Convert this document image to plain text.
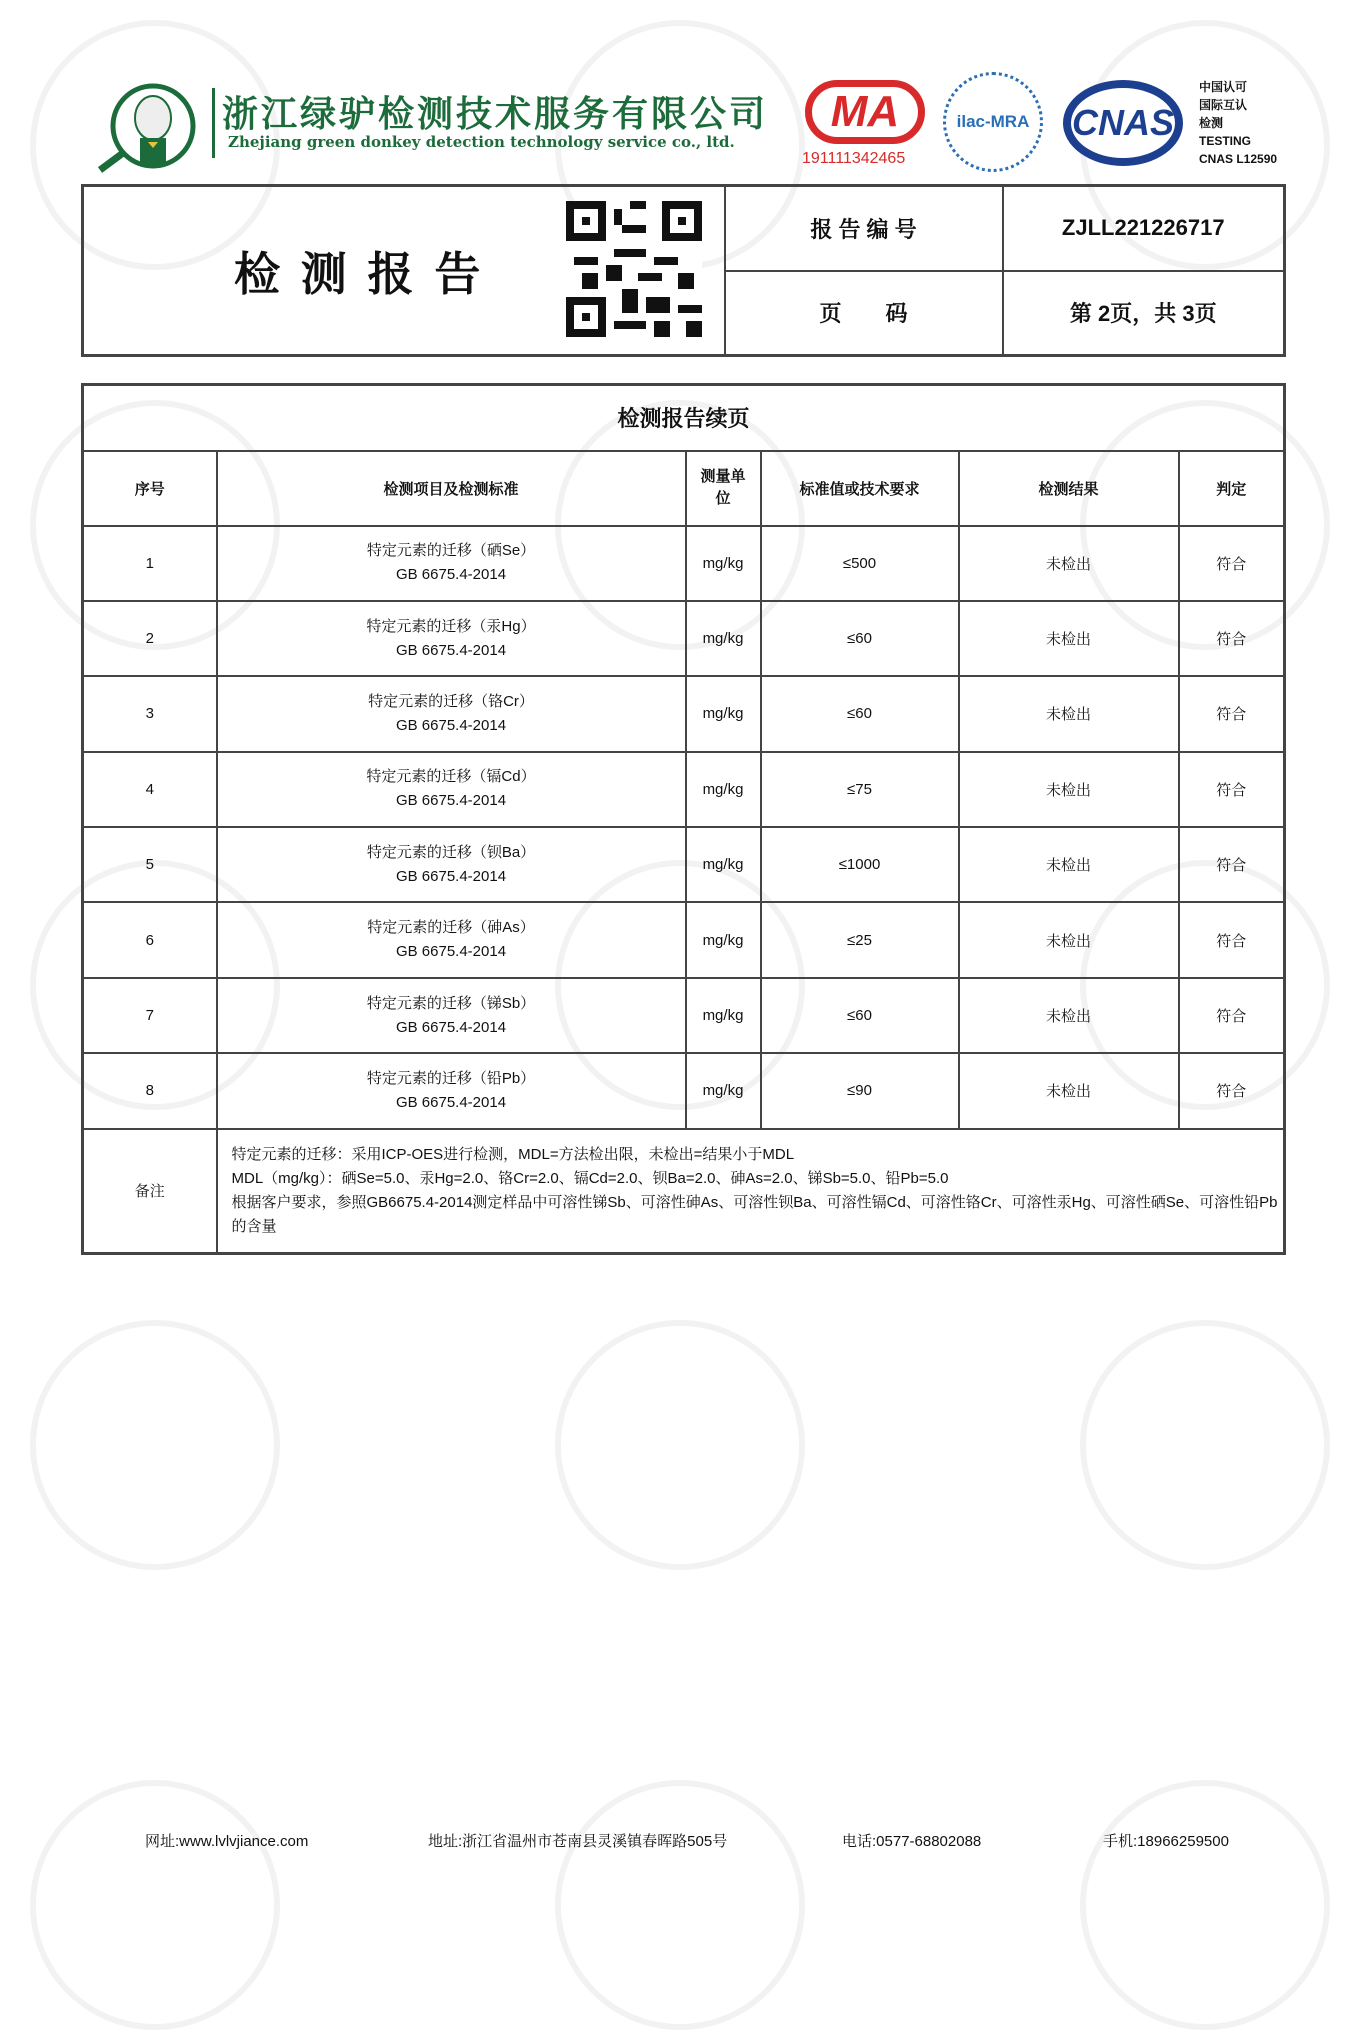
浙江绿驴检测技术服务有限公司
Zhejiang green donkey detection technology service co., ltd.
MA
191111342465
ilac-MRA	CNAS
中国认可
国际互认
检测
TESTING
CNAS L12590
检 测 报 告	报 告 编 号	ZJLL221226717
	页　　码	第 2页，共 3页
检测报告续页					
序号	检测项目及检测标准	测量单位	标准值或技术要求	检测结果	判定
1	特定元素的迁移（硒Se）
GB 6675.4-2014	mg/kg	≤500	未检出	符合
2	特定元素的迁移（汞Hg）
GB 6675.4-2014	mg/kg	≤60	未检出	符合
3	特定元素的迁移（铬Cr）
GB 6675.4-2014	mg/kg	≤60	未检出	符合
4	特定元素的迁移（镉Cd）
GB 6675.4-2014	mg/kg	≤75	未检出	符合
5	特定元素的迁移（钡Ba）
GB 6675.4-2014	mg/kg	≤1000	未检出	符合
6	特定元素的迁移（砷As）
GB 6675.4-2014	mg/kg	≤25	未检出	符合
7	特定元素的迁移（锑Sb）
GB 6675.4-2014	mg/kg	≤60	未检出	符合
8	特定元素的迁移（铅Pb）
GB 6675.4-2014	mg/kg	≤90	未检出	符合
备注	特定元素的迁移：采用ICP-OES进行检测，MDL=方法检出限，未检出=结果小于MDL
MDL（mg/kg）：硒Se=5.0、汞Hg=2.0、铬Cr=2.0、镉Cd=2.0、钡Ba=2.0、砷As=2.0、锑Sb=5.0、铅Pb=5.0
根据客户要求，参照GB6675.4-2014测定样品中可溶性锑Sb、可溶性砷As、可溶性钡Ba、可溶性镉Cd、可溶性铬Cr、可溶性汞Hg、可溶性硒Se、可溶性铅Pb的含量				
网址:www.lvlvjiance.com	地址:浙江省温州市苍南县灵溪镇春晖路505号	电话:0577-68802088	手机:18966259500
